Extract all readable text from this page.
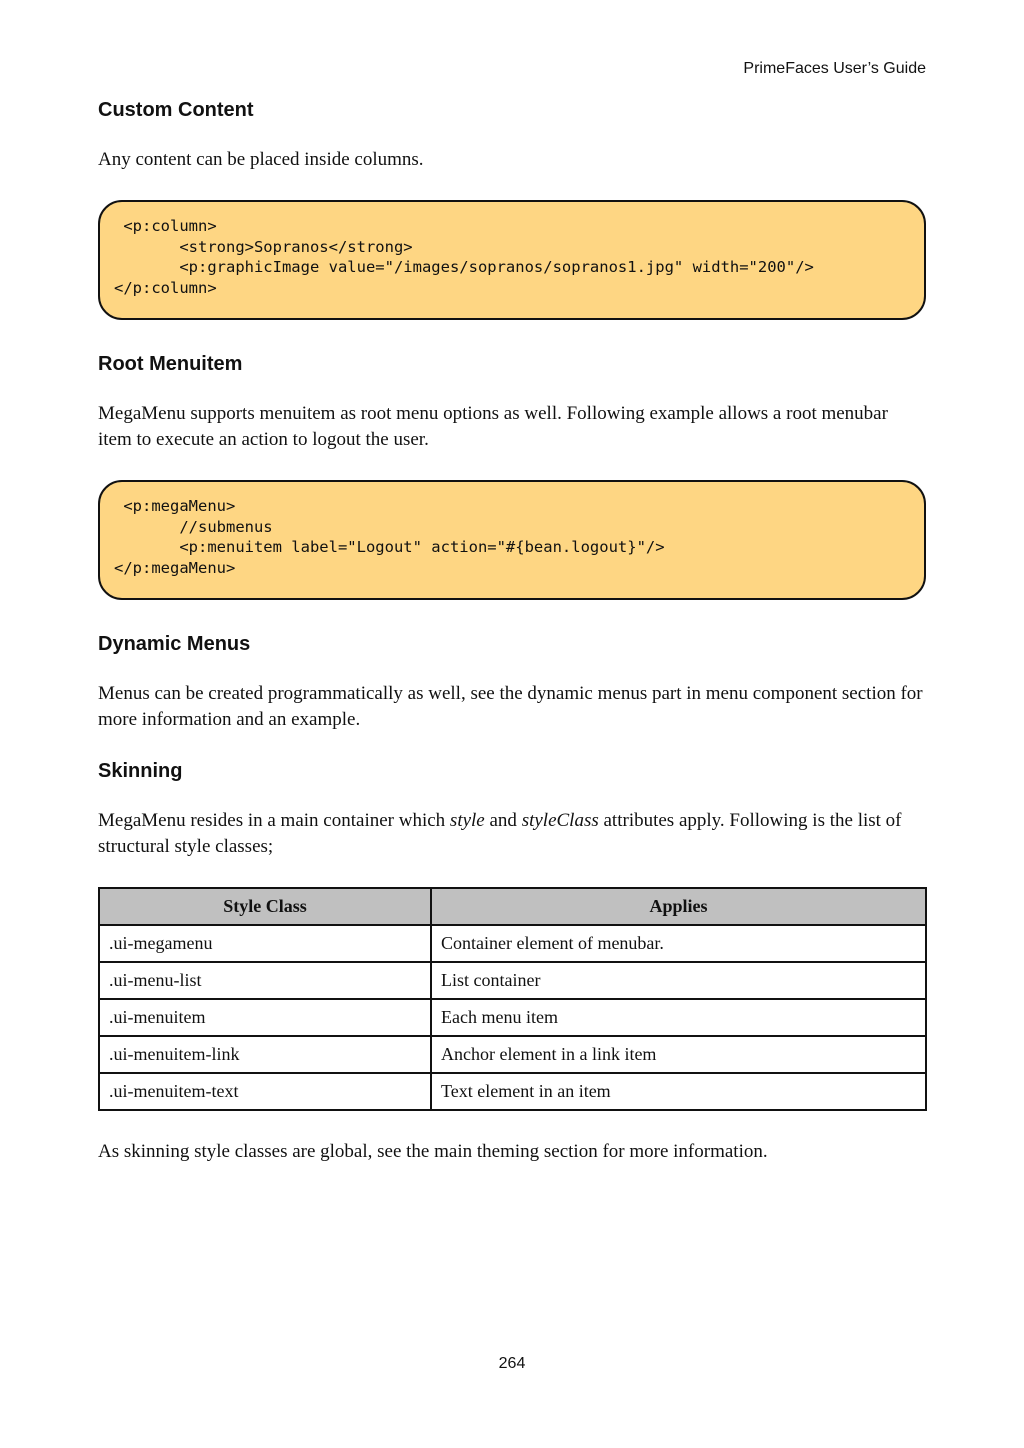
PrimeFaces User’s Guide
Custom Content

Any content can be placed inside columns.

<p:column>
<strong>Sopranos</strong>
<p:graphicImage value="/images/sopranos/sopranos1.jpg" width="200"/>
</p:column>
Root Menuitem

MegaMenu supports menuitem as root menu options as well. Following example allows a root menubar item to execute an action to logout the user.

<p:megaMenu>
//submenus
<p:menuitem label="Logout" action="#{bean.logout}"/>
</p:megaMenu>
Dynamic Menus

Menus can be created programmatically as well, see the dynamic menus part in menu component section for more information and an example.

Skinning

MegaMenu resides in a main container which style and styleClass attributes apply. Following is the list of structural style classes;

Style Class	Applies
.ui-megamenu	Container element of menubar.
.ui-menu-list	List container
.ui-menuitem	Each menu item
.ui-menuitem-link	Anchor element in a link item
.ui-menuitem-text	Text element in an item

As skinning style classes are global, see the main theming section for more information.

264
